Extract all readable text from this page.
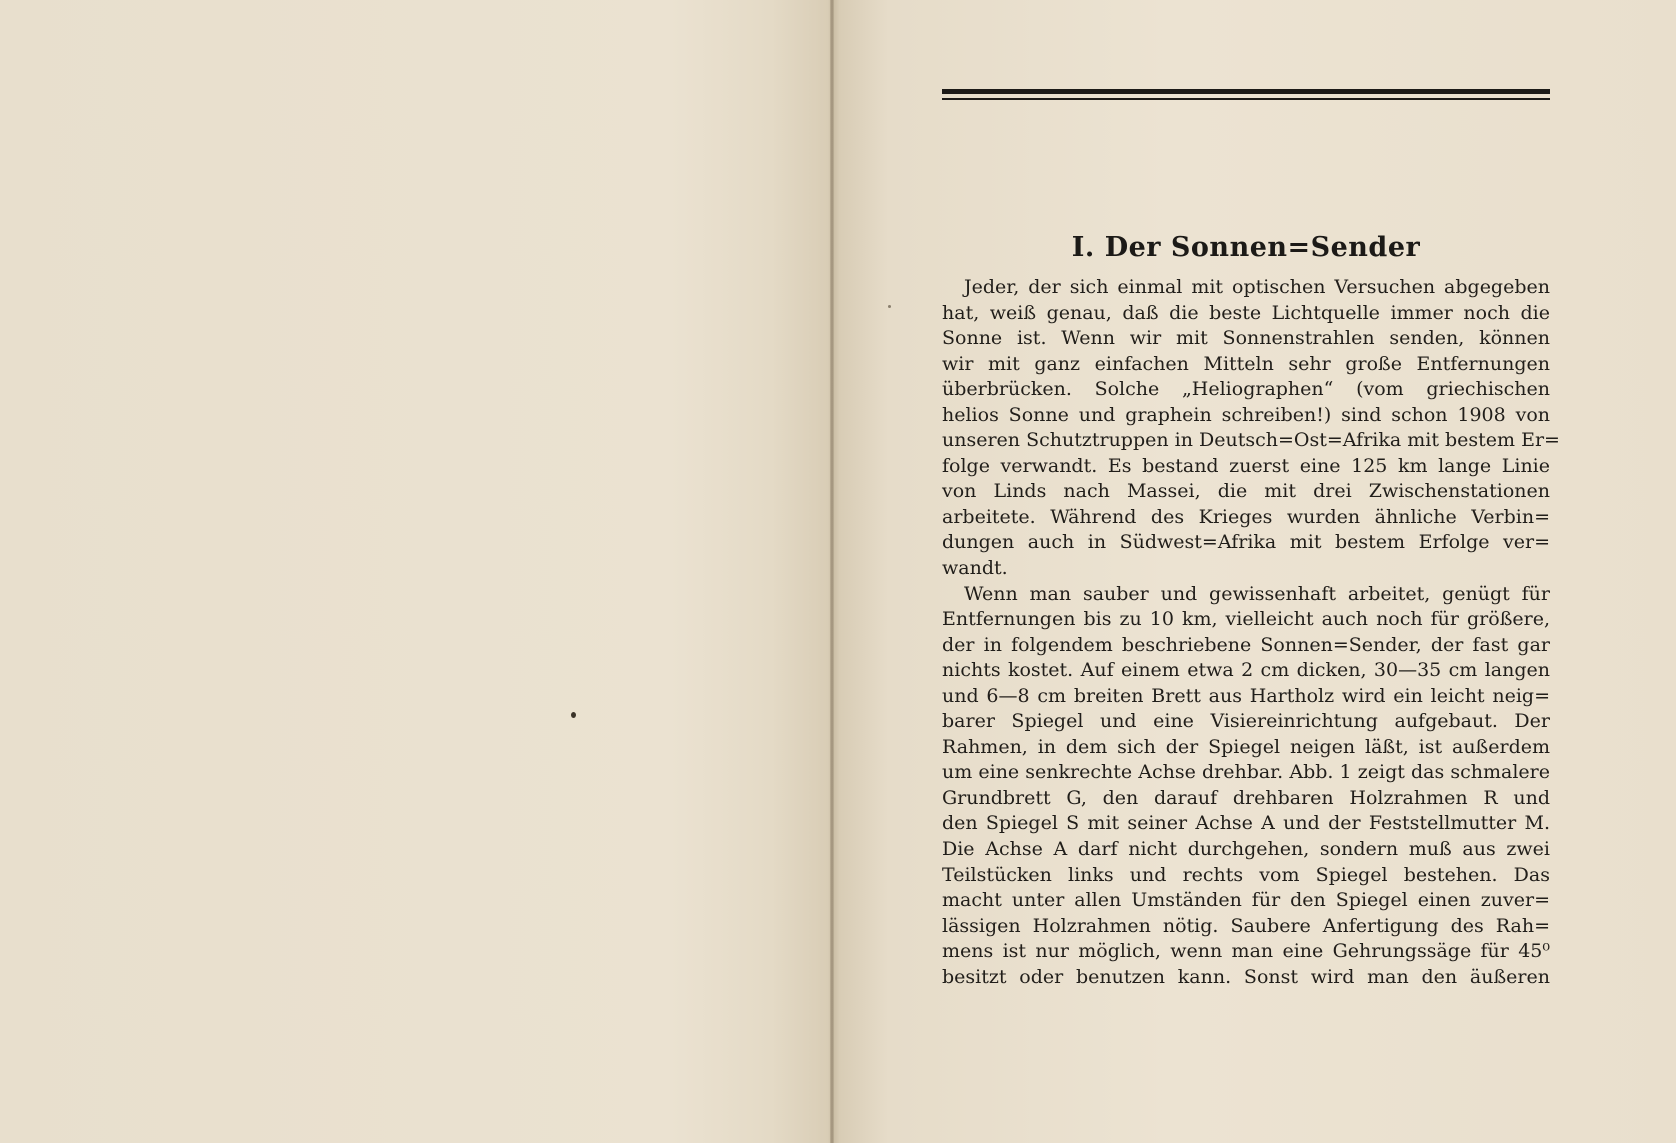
I. Der Sonnen=Sender
Jeder, der sich einmal mit optischen Versuchen abgegeben
hat, weiß genau, daß die beste Lichtquelle immer noch die
Sonne ist. Wenn wir mit Sonnenstrahlen senden, können
wir mit ganz einfachen Mitteln sehr große Entfernungen
überbrücken. Solche „Heliographen“ (vom griechischen
helios Sonne und graphein schreiben!) sind schon 1908 von
unseren Schutztruppen in Deutsch=Ost=Afrika mit bestem Er=
folge verwandt. Es bestand zuerst eine 125 km lange Linie
von Linds nach Massei, die mit drei Zwischenstationen
arbeitete. Während des Krieges wurden ähnliche Verbin=
dungen auch in Südwest=Afrika mit bestem Erfolge ver=
wandt.
Wenn man sauber und gewissenhaft arbeitet, genügt für
Entfernungen bis zu 10 km, vielleicht auch noch für größere,
der in folgendem beschriebene Sonnen=Sender, der fast gar
nichts kostet. Auf einem etwa 2 cm dicken, 30—35 cm langen
und 6—8 cm breiten Brett aus Hartholz wird ein leicht neig=
barer Spiegel und eine Visiereinrichtung aufgebaut. Der
Rahmen, in dem sich der Spiegel neigen läßt, ist außerdem
um eine senkrechte Achse drehbar. Abb. 1 zeigt das schmalere
Grundbrett G, den darauf drehbaren Holzrahmen R und
den Spiegel S mit seiner Achse A und der Feststellmutter M.
Die Achse A darf nicht durchgehen, sondern muß aus zwei
Teilstücken links und rechts vom Spiegel bestehen. Das
macht unter allen Umständen für den Spiegel einen zuver=
lässigen Holzrahmen nötig. Saubere Anfertigung des Rah=
mens ist nur möglich, wenn man eine Gehrungssäge für 45⁰
besitzt oder benutzen kann. Sonst wird man den äußeren
